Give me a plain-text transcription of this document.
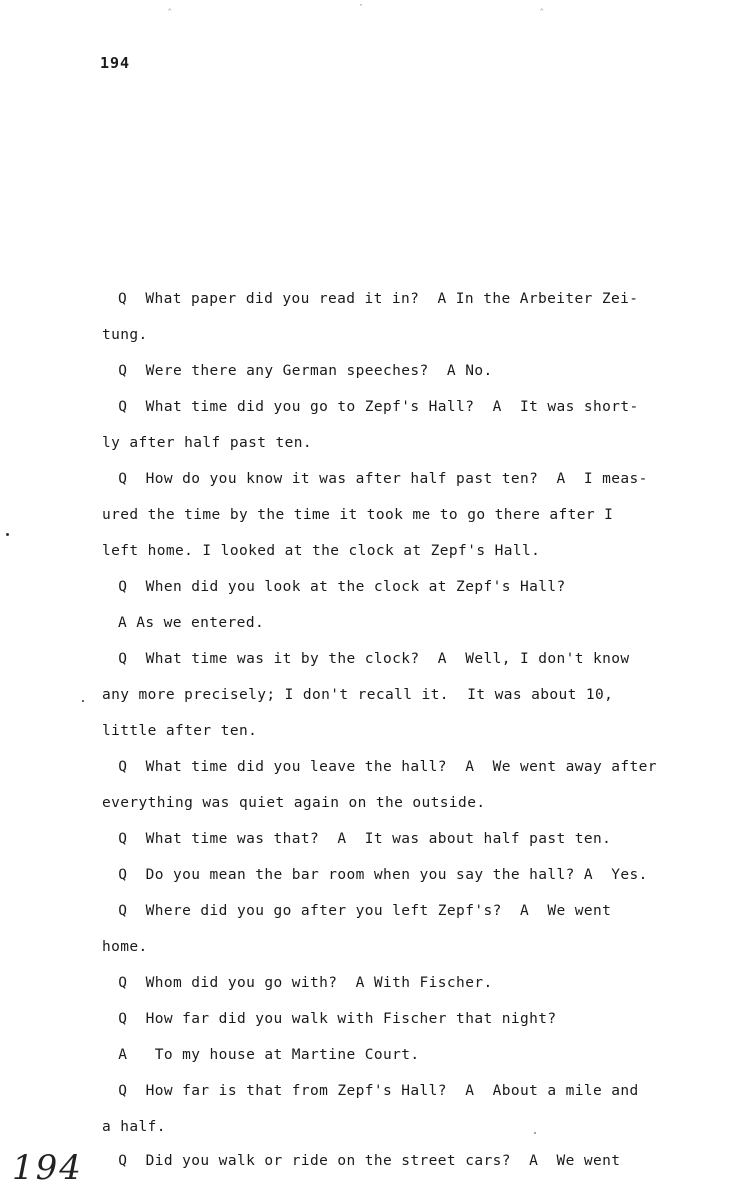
194
Q  What paper did you read it in?  A In the Arbeiter Zei-
tung.
Q  Were there any German speeches?  A No.
Q  What time did you go to Zepf's Hall?  A  It was short-
ly after half past ten.
Q  How do you know it was after half past ten?  A  I meas-
ured the time by the time it took me to go there after I
left home. I looked at the clock at Zepf's Hall.
Q  When did you look at the clock at Zepf's Hall?
A As we entered.
Q  What time was it by the clock?  A  Well, I don't know
any more precisely; I don't recall it.  It was about 10,
little after ten.
Q  What time did you leave the hall?  A  We went away after
everything was quiet again on the outside.
Q  What time was that?  A  It was about half past ten.
Q  Do you mean the bar room when you say the hall? A  Yes.
Q  Where did you go after you left Zepf's?  A  We went
home.
Q  Whom did you go with?  A With Fischer.
Q  How far did you walk with Fischer that night?
A   To my house at Martine Court.
Q  How far is that from Zepf's Hall?  A  About a mile and
a half.
Q  Did you walk or ride on the street cars?  A  We went
194
‸	·	‸
